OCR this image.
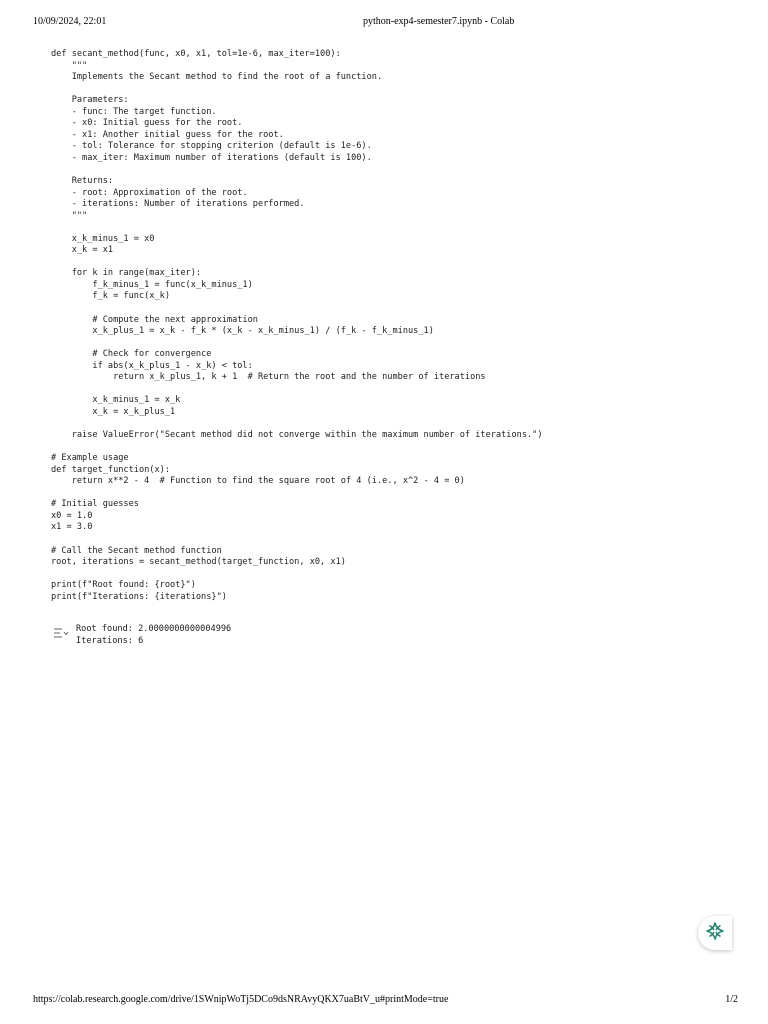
10/09/2024, 22:01	python-exp4-semester7.ipynb - Colab
def secant_method(func, x0, x1, tol=1e-6, max_iter=100):
"""
Implements the Secant method to find the root of a function.

Parameters:
- func: The target function.
- x0: Initial guess for the root.
- x1: Another initial guess for the root.
- tol: Tolerance for stopping criterion (default is 1e-6).
- max_iter: Maximum number of iterations (default is 100).

Returns:
- root: Approximation of the root.
- iterations: Number of iterations performed.
"""

x_k_minus_1 = x0
x_k = x1

for k in range(max_iter):
f_k_minus_1 = func(x_k_minus_1)
f_k = func(x_k)

# Compute the next approximation
x_k_plus_1 = x_k - f_k * (x_k - x_k_minus_1) / (f_k - f_k_minus_1)

# Check for convergence
if abs(x_k_plus_1 - x_k) < tol:
return x_k_plus_1, k + 1  # Return the root and the number of iterations

x_k_minus_1 = x_k
x_k = x_k_plus_1

raise ValueError("Secant method did not converge within the maximum number of iterations.")

# Example usage
def target_function(x):
return x**2 - 4  # Function to find the square root of 4 (i.e., x^2 - 4 = 0)

# Initial guesses
x0 = 1.0
x1 = 3.0

# Call the Secant method function
root, iterations = secant_method(target_function, x0, x1)

print(f"Root found: {root}")
print(f"Iterations: {iterations}")
Root found: 2.0000000000004996
Iterations: 6
https://colab.research.google.com/drive/1SWnipWoTj5DCo9dsNRAvyQKX7uaBtV_u#printMode=true	1/2
